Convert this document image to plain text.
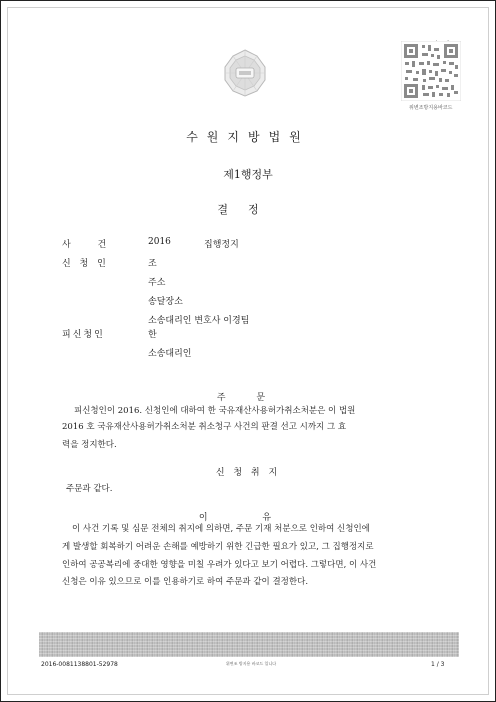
위변조방지용바코드
수원지방법원
제1행정부
결정
사 건	2016	집행정지
신 청 인	조
주소
송달장소
소송대리인 변호사 이경팀
피신청인	한
소송대리인
주 문
피신청인이 2016. 신청인에 대하여 한 국유재산사용허가취소처분은 이 법원
2016 호 국유재산사용허가취소처분 취소청구 사건의 판결 선고 시까지 그 효
력을 정지한다.
신 청 취 지
주문과 같다.
이 유
이 사건 기록 및 심문 전체의 취지에 의하면, 주문 기재 처분으로 인하여 신청인에
게 발생할 회복하기 어려운 손해를 예방하기 위한 긴급한 필요가 있고, 그 집행정지로
인하여 공공복리에 중대한 영향을 미칠 우려가 있다고 보기 어렵다. 그렇다면, 이 사건
신청은 이유 있으므로 이를 인용하기로 하여 주문과 같이 결정한다.
2016-0081138801-52978	위변조 방지용 바코드 입니다	1 / 3
